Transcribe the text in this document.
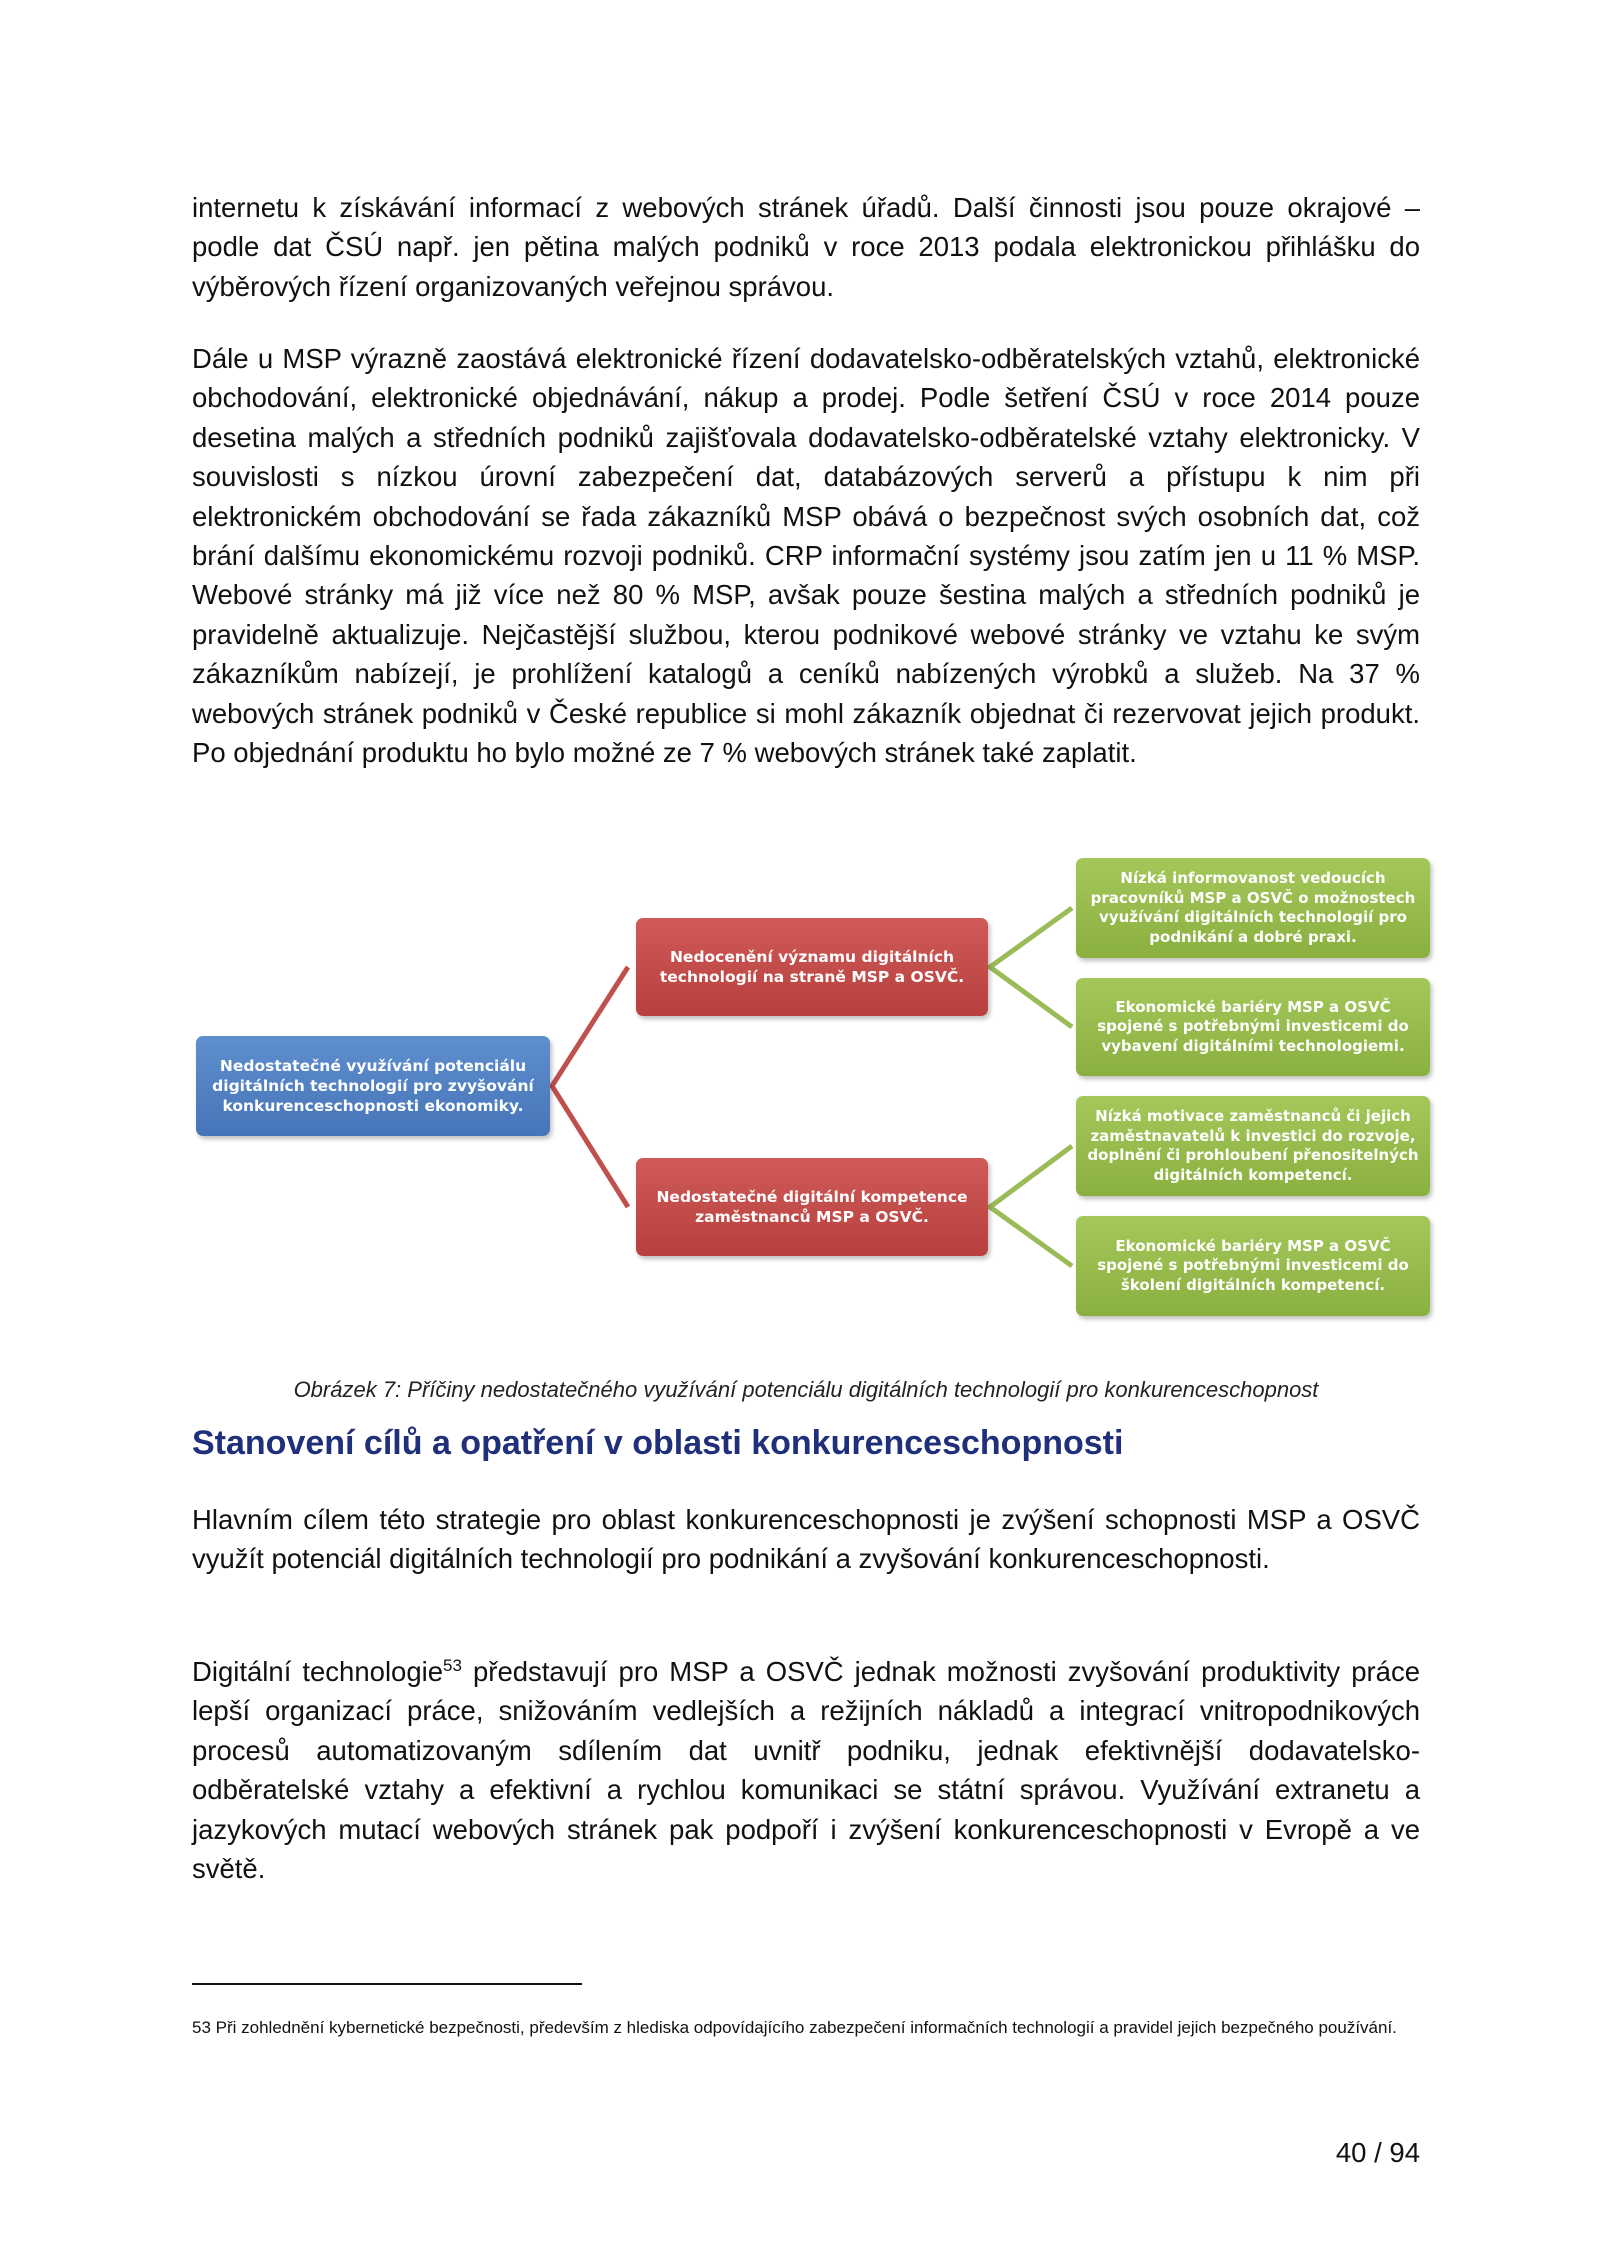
internetu k získávání informací z webových stránek úřadů. Další činnosti jsou pouze okrajové – podle dat ČSÚ např. jen pětina malých podniků v roce 2013 podala elektronickou přihlášku do výběrových řízení organizovaných veřejnou správou.

Dále u MSP výrazně zaostává elektronické řízení dodavatelsko-odběratelských vztahů, elektronické obchodování, elektronické objednávání, nákup a prodej. Podle šetření ČSÚ v roce 2014 pouze desetina malých a středních podniků zajišťovala dodavatelsko-odběratelské vztahy elektronicky. V souvislosti s nízkou úrovní zabezpečení dat, databázových serverů a přístupu k nim při elektronickém obchodování se řada zákazníků MSP obává o bezpečnost svých osobních dat, což brání dalšímu ekonomickému rozvoji podniků. CRP informační systémy jsou zatím jen u 11 % MSP. Webové stránky má již více než 80 % MSP, avšak pouze šestina malých a středních podniků je pravidelně aktualizuje. Nejčastější službou, kterou podnikové webové stránky ve vztahu ke svým zákazníkům nabízejí, je prohlížení katalogů a ceníků nabízených výrobků a služeb. Na 37 % webových stránek podniků v České republice si mohl zákazník objednat či rezervovat jejich produkt. Po objednání produktu ho bylo možné ze 7 % webových stránek také zaplatit.

Nedostatečné využívání potenciálu digitálních technologií pro zvyšování konkurenceschopnosti ekonomiky.
Nedocenění významu digitálních technologií na straně MSP a OSVČ.
Nedostatečné digitální kompetence zaměstnanců MSP a OSVČ.
Nízká informovanost vedoucích pracovníků MSP a OSVČ o možnostech využívání digitálních technologií pro podnikání a dobré praxi.
Ekonomické bariéry MSP a OSVČ spojené s potřebnými investicemi do vybavení digitálními technologiemi.
Nízká motivace zaměstnanců či jejich zaměstnavatelů k investici do rozvoje, doplnění či prohloubení přenositelných digitálních kompetencí.
Ekonomické bariéry MSP a OSVČ spojené s potřebnými investicemi do školení digitálních kompetencí.

Obrázek 7: Příčiny nedostatečného využívání potenciálu digitálních technologií pro konkurenceschopnost

Stanovení cílů a opatření v oblasti konkurenceschopnosti

Hlavním cílem této strategie pro oblast konkurenceschopnosti je zvýšení schopnosti MSP a OSVČ využít potenciál digitálních technologií pro podnikání a zvyšování konkurenceschopnosti.

Digitální technologie$^{53}$ představují pro MSP a OSVČ jednak možnosti zvyšování produktivity práce lepší organizací práce, snižováním vedlejších a režijních nákladů a integrací vnitropodnikových procesů automatizovaným sdílením dat uvnitř podniku, jednak efektivnější dodavatelsko-odběratelské vztahy a efektivní a rychlou komunikaci se státní správou. Využívání extranetu a jazykových mutací webových stránek pak podpoří i zvýšení konkurenceschopnosti v Evropě a ve světě.

53 Při zohlednění kybernetické bezpečnosti, především z hlediska odpovídajícího zabezpečení informačních technologií a pravidel jejich bezpečného používání.

40 / 94
